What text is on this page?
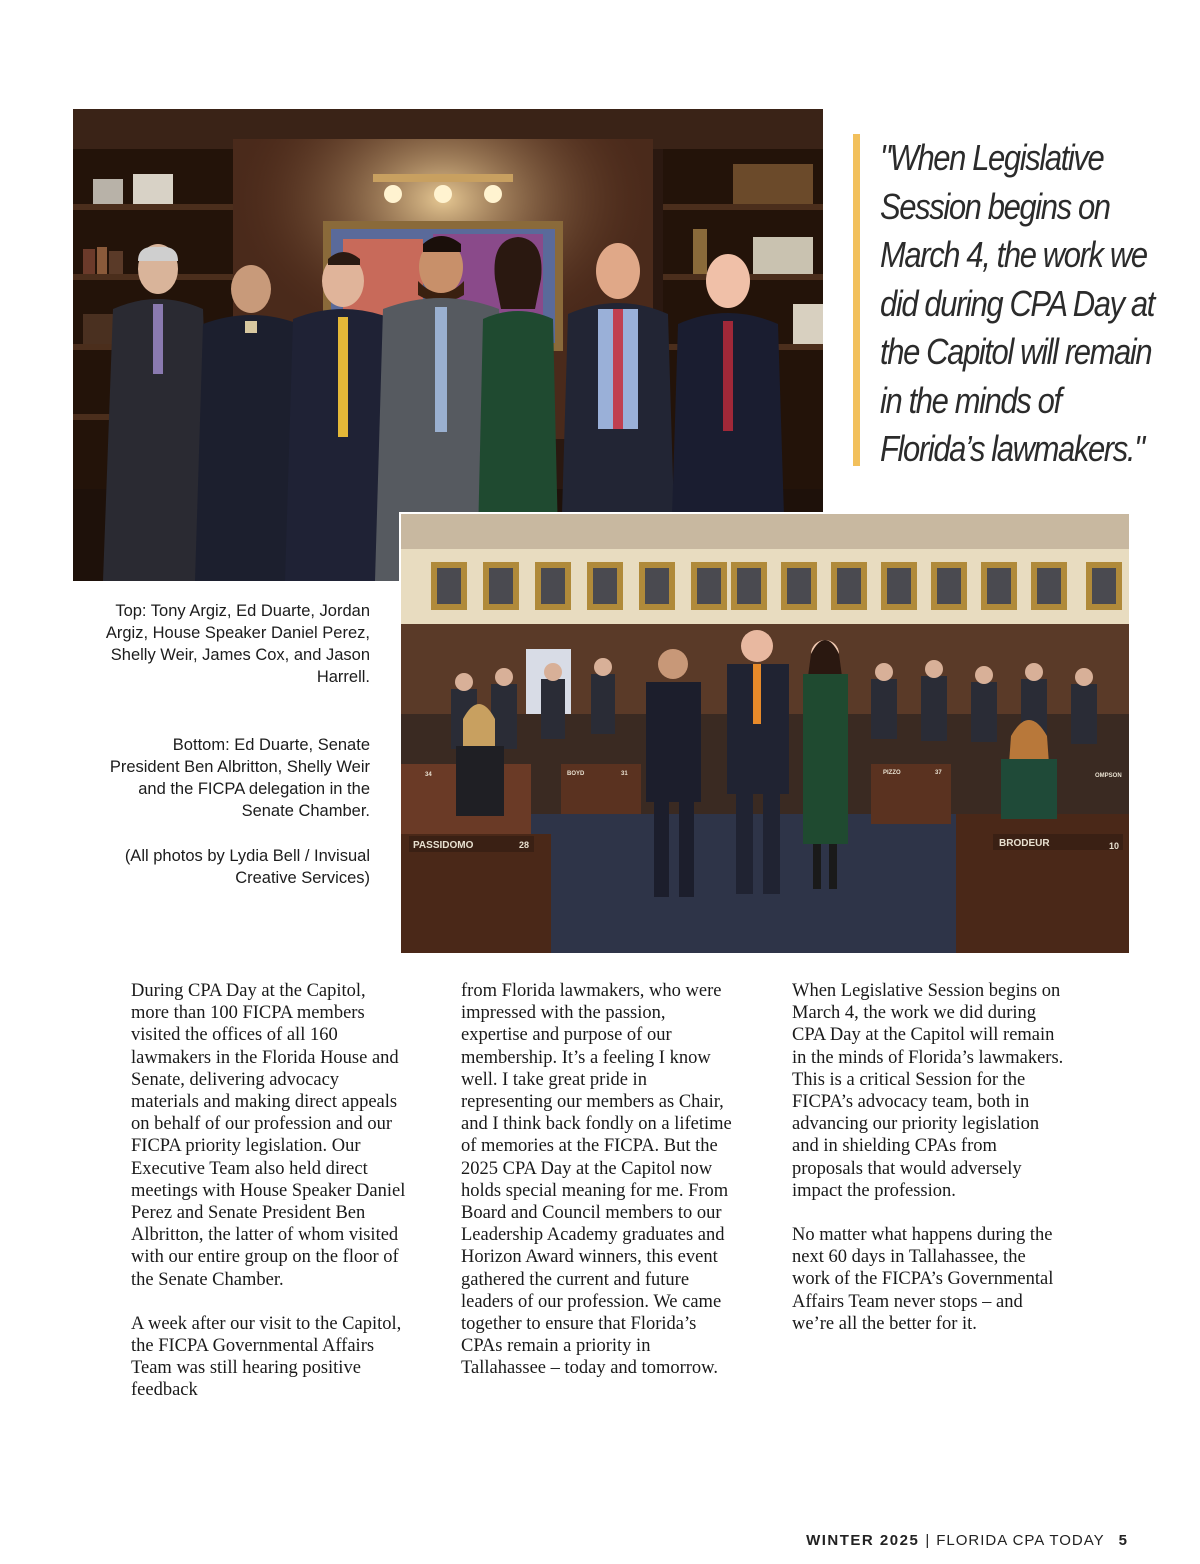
"When Legislative Session begins on March 4, the work we did during CPA Day at the Capitol will remain in the minds of Florida’s lawmakers."

PASSIDOMO	28	BRODEUR	10
BOYD	31	PIZZO	37	OMPSON
34

Top: Tony Argiz, Ed Duarte, Jordan Argiz, House Speaker Daniel Perez, Shelly Weir, James Cox, and Jason Harrell.

Bottom: Ed Duarte, Senate President Ben Albritton, Shelly Weir and the FICPA delegation in the Senate Chamber.

(All photos by Lydia Bell / Invisual Creative Services)

During CPA Day at the Capitol, more than 100 FICPA members visited the offices of all 160 lawmakers in the Florida House and Senate, delivering advocacy materials and making direct appeals on behalf of our profession and our FICPA priority legislation. Our Executive Team also held direct meetings with House Speaker Daniel Perez and Senate President Ben Albritton, the latter of whom visited with our entire group on the floor of the Senate Chamber.

A week after our visit to the Capitol, the FICPA Governmental Affairs Team was still hearing positive feedback

from Florida lawmakers, who were impressed with the passion, expertise and purpose of our membership. It’s a feeling I know well. I take great pride in representing our members as Chair, and I think back fondly on a lifetime of memories at the FICPA. But the 2025 CPA Day at the Capitol now holds special meaning for me. From Board and Council members to our Leadership Academy graduates and Horizon Award winners, this event gathered the current and future leaders of our profession. We came together to ensure that Florida’s CPAs remain a priority in Tallahassee – today and tomorrow.

When Legislative Session begins on March 4, the work we did during CPA Day at the Capitol will remain in the minds of Florida’s lawmakers. This is a critical Session for the FICPA’s advocacy team, both in advancing our priority legislation and in shielding CPAs from proposals that would adversely impact the profession.

No matter what happens during the next 60 days in Tallahassee, the work of the FICPA’s Governmental Affairs Team never stops – and we’re all the better for it.

WINTER 2025 | FLORIDA CPA TODAY 5
